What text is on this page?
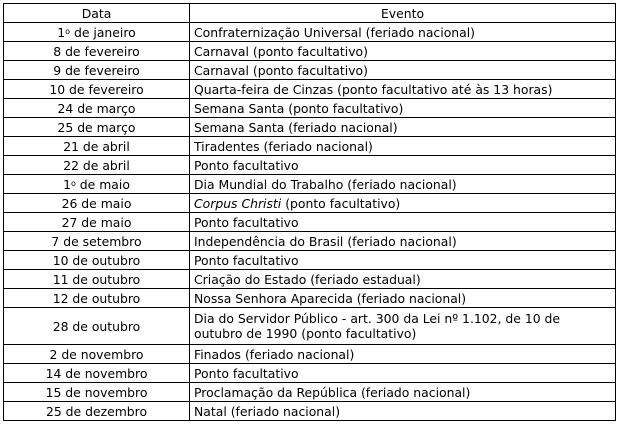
Data	Evento
1$^o$ de janeiro	Confraternização Universal (feriado nacional)
8 de fevereiro	Carnaval (ponto facultativo)
9 de fevereiro	Carnaval (ponto facultativo)
10 de fevereiro	Quarta-feira de Cinzas (ponto facultativo até às 13 horas)
24 de março	Semana Santa (ponto facultativo)
25 de março	Semana Santa (feriado nacional)
21 de abril	Tiradentes (feriado nacional)
22 de abril	Ponto facultativo
1$^o$ de maio	Dia Mundial do Trabalho (feriado nacional)
26 de maio	Corpus Christi (ponto facultativo)
27 de maio	Ponto facultativo
7 de setembro	Independência do Brasil (feriado nacional)
10 de outubro	Ponto facultativo
11 de outubro	Criação do Estado (feriado estadual)
12 de outubro	Nossa Senhora Aparecida (feriado nacional)
28 de outubro	Dia do Servidor Público - art. 300 da Lei nº 1.102, de 10 de outubro de 1990 (ponto facultativo)
2 de novembro	Finados (feriado nacional)
14 de novembro	Ponto facultativo
15 de novembro	Proclamação da República (feriado nacional)
25 de dezembro	Natal (feriado nacional)
